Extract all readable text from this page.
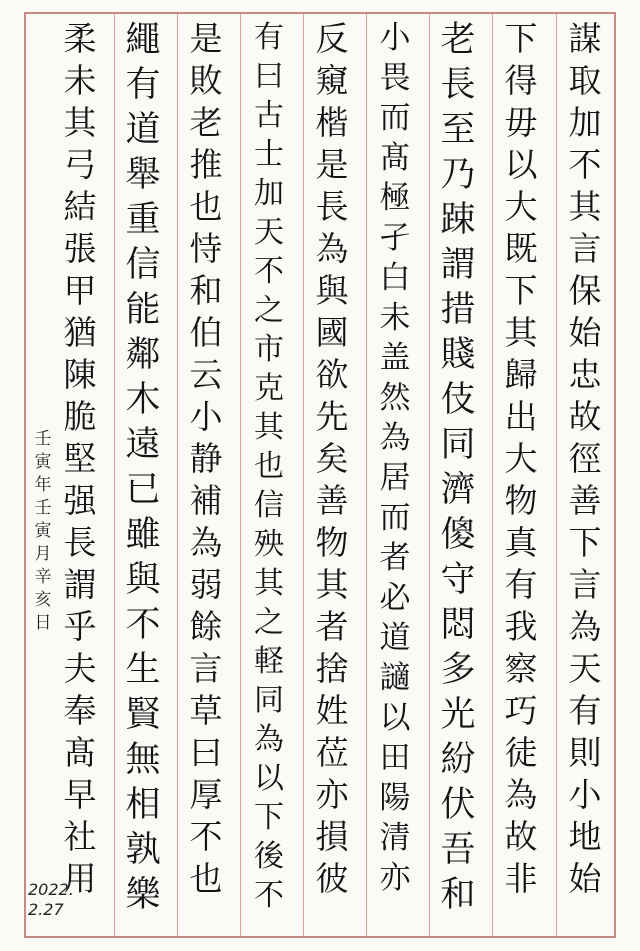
謀
取
加
不
其
言
保
始
忠
故
徑
善
下
言
為
天
有
則
小
地
始
下
得
毋
以
大
既
下
其
歸
出
大
物
真
有
我
察
巧
徒
為
故
非
老
長
至
乃
踈
謂
措
賤
伎
同
濟
傻
守
悶
多
光
紛
伏
吾
和
小
畏
而
髙
極
孑
白
未
盖
然
為
居
而
者
必
道
讁
以
田
陽
清
亦
反
窺
楷
是
長
為
與
國
欲
先
矣
善
物
其
者
捨
姓
莅
亦
損
彼
有
曰
古
士
加
天
不
之
市
克
其
也
信
殃
其
之
軽
同
為
以
下
後
不
是
敗
老
推
也
恃
和
伯
云
小
静
補
為
弱
餘
言
草
曰
厚
不
也
繩
有
道
舉
重
信
能
鄰
木
遠
已
雖
與
不
生
賢
無
相
孰
樂
柔
未
其
弓
結
張
甲
猶
陳
脆
堅
强
長
謂
乎
夫
奉
髙
早
社
用
壬
寅
年
壬
寅
月
辛
亥
日
2022.
2.27
